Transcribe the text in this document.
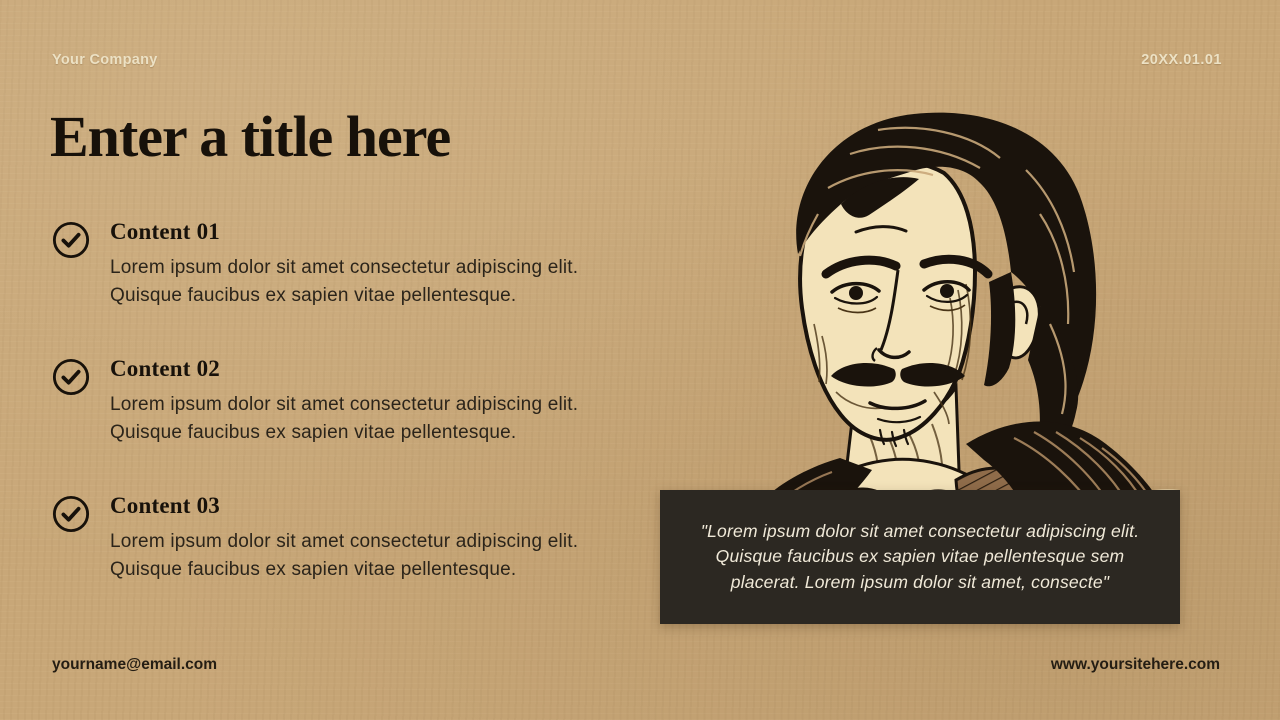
Your Company	20XX.01.01
Enter a title here
Content 01
Lorem ipsum dolor sit amet consectetur adipiscing elit. Quisque faucibus ex sapien vitae pellentesque.
Content 02
Lorem ipsum dolor sit amet consectetur adipiscing elit. Quisque faucibus ex sapien vitae pellentesque.
Content 03
Lorem ipsum dolor sit amet consectetur adipiscing elit. Quisque faucibus ex sapien vitae pellentesque.
"Lorem ipsum dolor sit amet consectetur adipiscing elit. Quisque faucibus ex sapien vitae pellentesque sem placerat. Lorem ipsum dolor sit amet, consecte"
yourname@email.com	www.yoursitehere.com
